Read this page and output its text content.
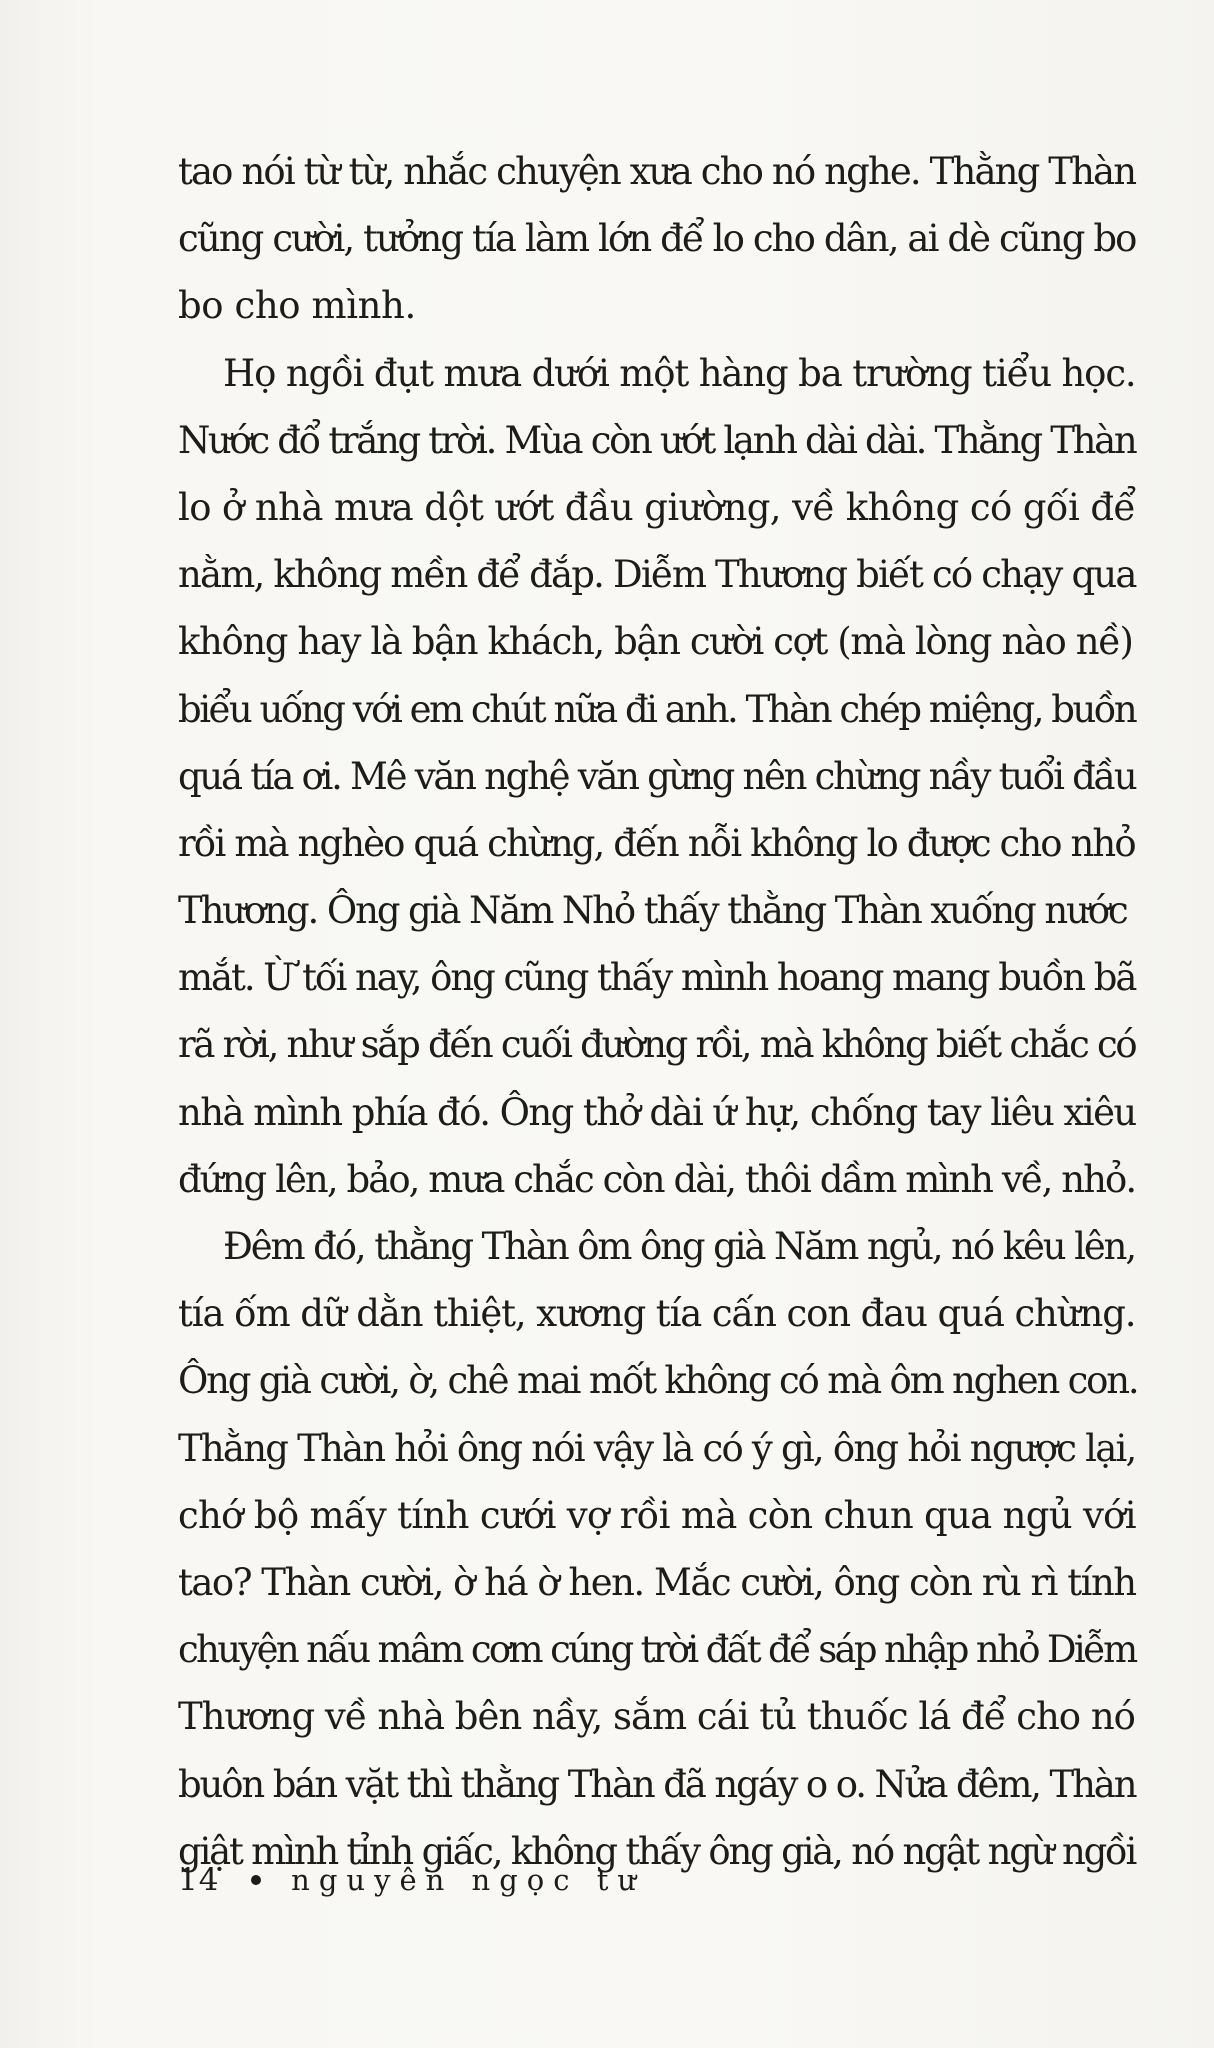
tao nói từ từ, nhắc chuyện xưa cho nó nghe. Thằng Thàn
cũng cười, tưởng tía làm lớn để lo cho dân, ai dè cũng bo
bo cho mình.
Họ ngồi đụt mưa dưới một hàng ba trường tiểu học.
Nước đổ trắng trời. Mùa còn ướt lạnh dài dài. Thằng Thàn
lo ở nhà mưa dột ướt đầu giường, về không có gối để
nằm, không mền để đắp. Diễm Thương biết có chạy qua
không hay là bận khách, bận cười cợt (mà lòng nào nề)
biểu uống với em chút nữa đi anh. Thàn chép miệng, buồn
quá tía ơi. Mê văn nghệ văn gừng nên chừng nầy tuổi đầu
rồi mà nghèo quá chừng, đến nỗi không lo được cho nhỏ
Thương. Ông già Năm Nhỏ thấy thằng Thàn xuống nước
mắt. Ừ tối nay, ông cũng thấy mình hoang mang buồn bã
rã rời, như sắp đến cuối đường rồi, mà không biết chắc có
nhà mình phía đó. Ông thở dài ứ hự, chống tay liêu xiêu
đứng lên, bảo, mưa chắc còn dài, thôi dầm mình về, nhỏ.
Đêm đó, thằng Thàn ôm ông già Năm ngủ, nó kêu lên,
tía ốm dữ dằn thiệt, xương tía cấn con đau quá chừng.
Ông già cười, ờ, chê mai mốt không có mà ôm nghen con.
Thằng Thàn hỏi ông nói vậy là có ý gì, ông hỏi ngược lại,
chớ bộ mấy tính cưới vợ rồi mà còn chun qua ngủ với
tao? Thàn cười, ờ há ờ hen. Mắc cười, ông còn rù rì tính
chuyện nấu mâm cơm cúng trời đất để sáp nhập nhỏ Diễm
Thương về nhà bên nầy, sắm cái tủ thuốc lá để cho nó
buôn bán vặt thì thằng Thàn đã ngáy o o. Nửa đêm, Thàn
giật mình tỉnh giấc, không thấy ông già, nó ngật ngừ ngồi
14 nguyên ngọc tư
